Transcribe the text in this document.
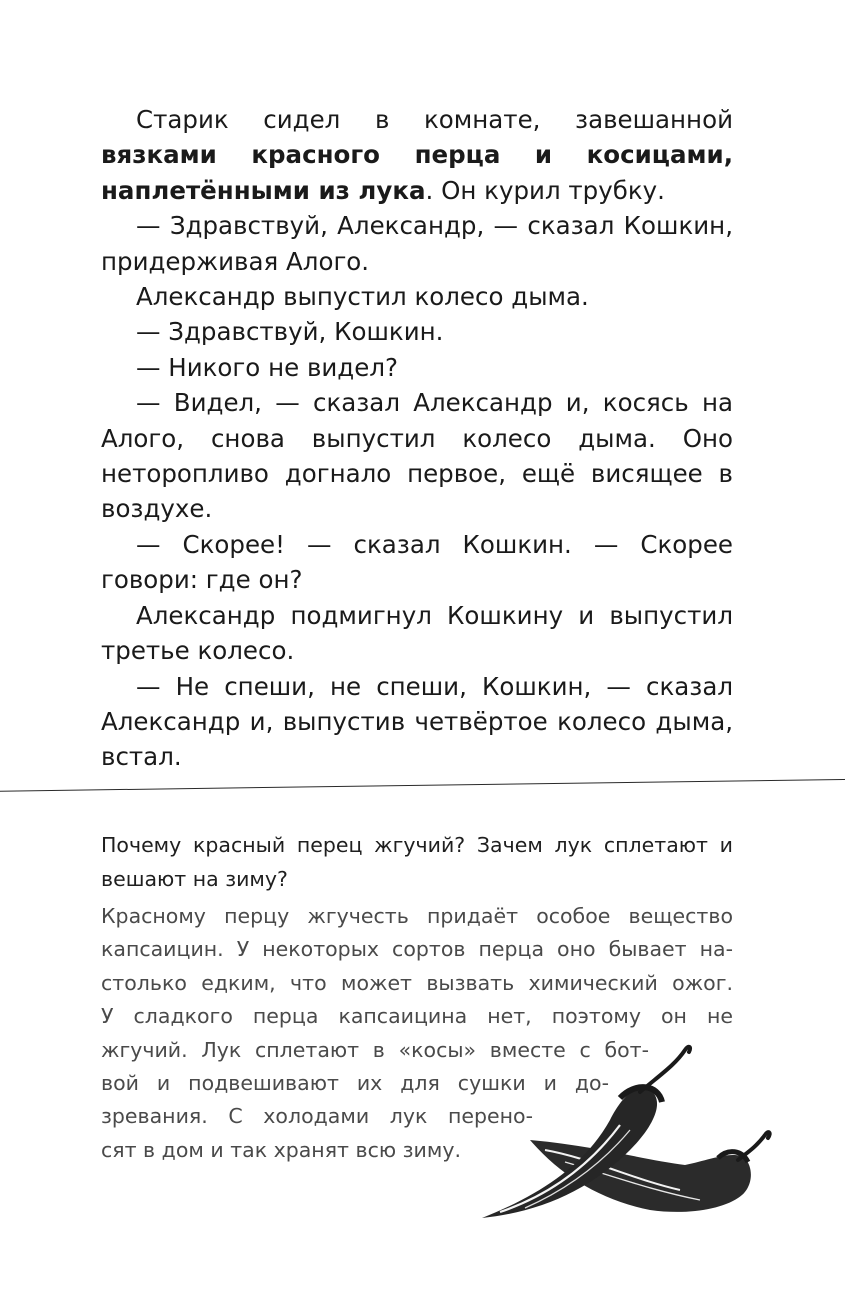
Старик сидел в комнате, завешанной вязками красного перца и косицами, наплетёнными из лука. Он курил трубку.

— Здравствуй, Александр, — сказал Кошкин, придерживая Алого.

Александр выпустил колесо дыма.

— Здравствуй, Кошкин.

— Никого не видел?

— Видел, — сказал Александр и, косясь на Алого, снова выпустил колесо дыма. Оно неторопливо догнало первое, ещё висящее в воздухе.

— Скорее! — сказал Кошкин. — Скорее говори: где он?

Александр подмигнул Кошкину и выпустил третье колесо.

— Не спеши, не спеши, Кошкин, — сказал Александр и, выпустив четвёртое колесо дыма, встал.

Почему красный перец жгучий? Зачем лук сплетают и вешают на зиму?

Красному перцу жгучесть придаёт особое вещество
капсаицин. У некоторых сортов перца оно бывает на-
столько едким, что может вызвать химический ожог.
У сладкого перца капсаицина нет, поэтому он не
жгучий. Лук сплетают в «косы» вместе с бот-
вой и подвешивают их для сушки и до-
зревания. С холодами лук перено-
сят в дом и так хранят всю зиму.
